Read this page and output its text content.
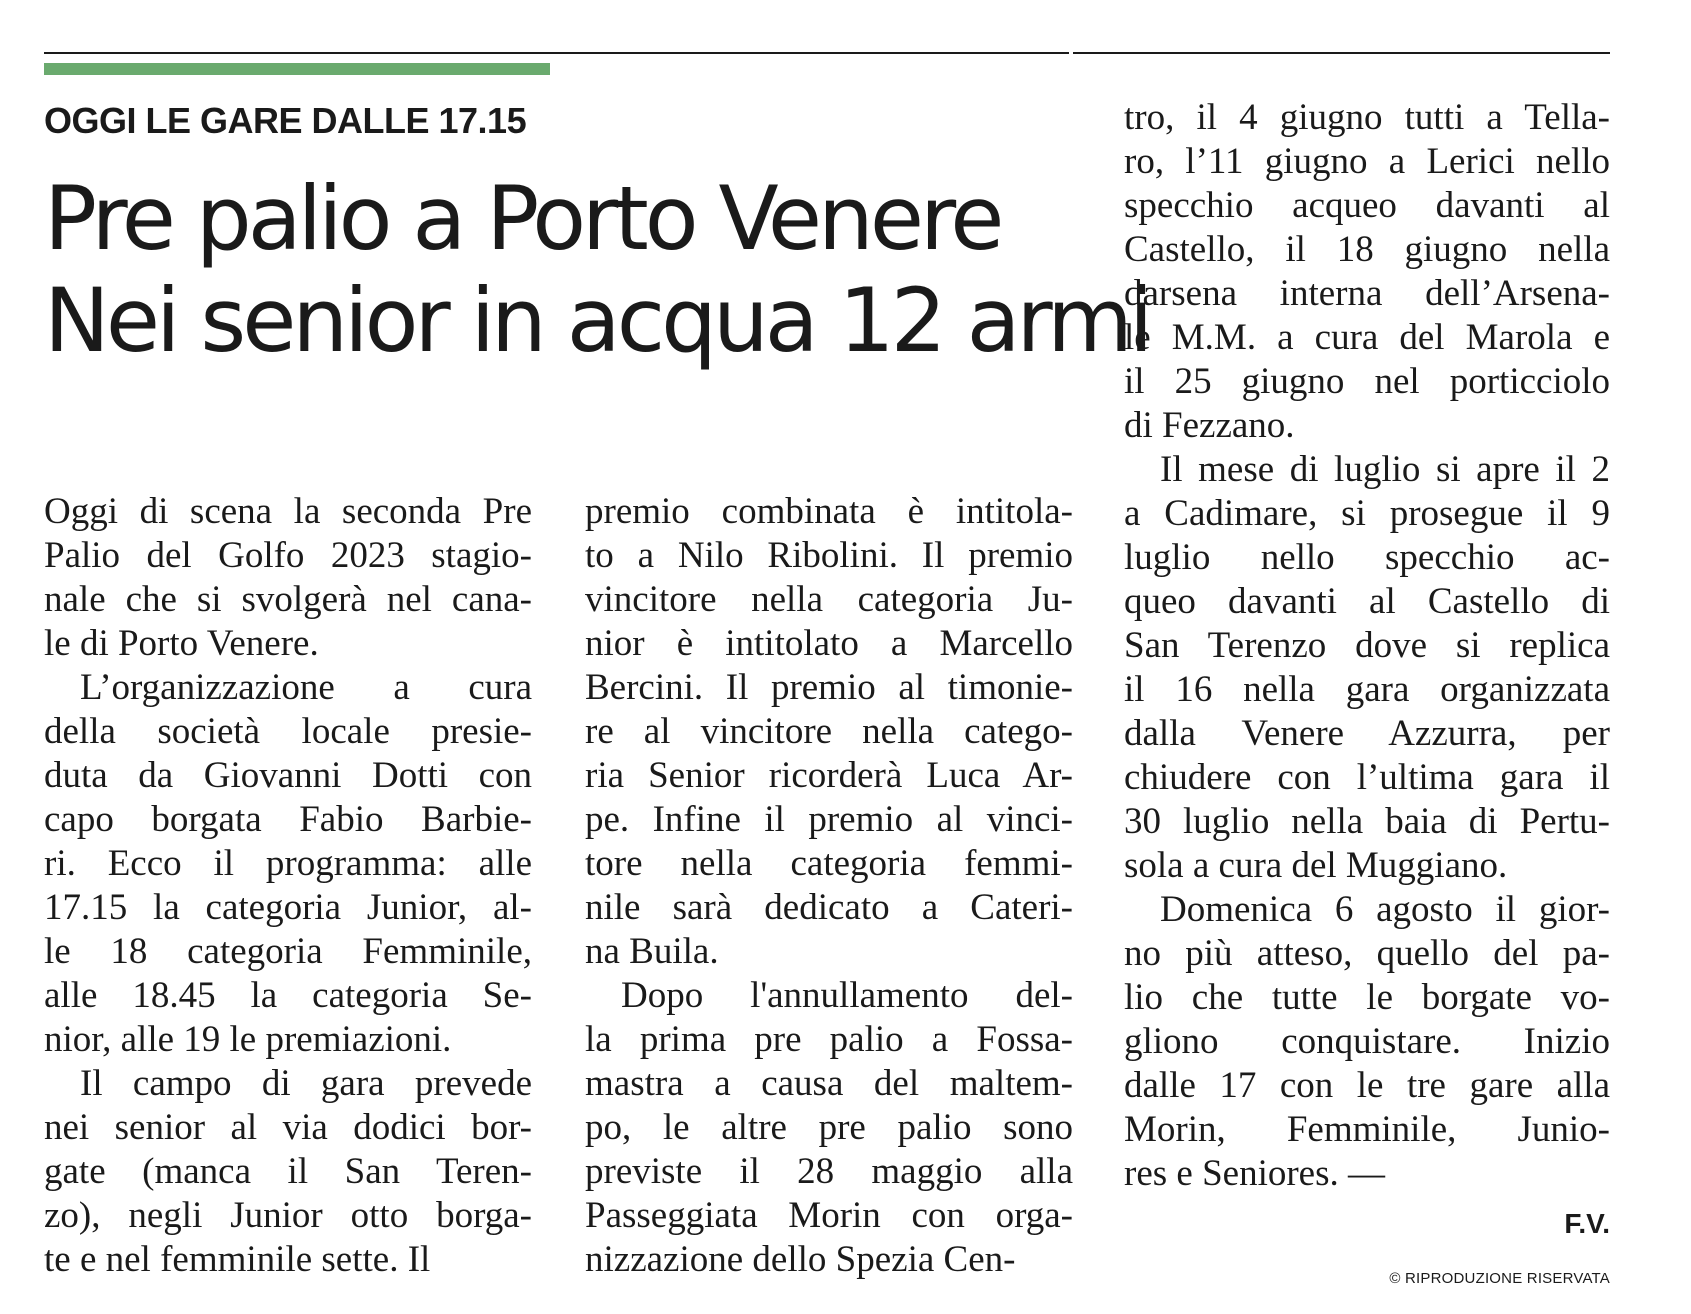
OGGI LE GARE DALLE 17.15
Pre palio a Porto Venere
Nei senior in acqua 12 armi

Oggi di scena la seconda Pre
Palio del Golfo 2023 stagio-
nale che si svolgerà nel cana-
le di Porto Venere.

L’organizzazione a cura
della società locale presie-
duta da Giovanni Dotti con
capo borgata Fabio Barbie-
ri. Ecco il programma: alle
17.15 la categoria Junior, al-
le 18 categoria Femminile,
alle 18.45 la categoria Se-
nior, alle 19 le premiazioni.

Il campo di gara prevede
nei senior al via dodici bor-
gate (manca il San Teren-
zo), negli Junior otto borga-
te e nel femminile sette. Il

premio combinata è intitola-
to a Nilo Ribolini. Il premio
vincitore nella categoria Ju-
nior è intitolato a Marcello
Bercini. Il premio al timonie-
re al vincitore nella catego-
ria Senior ricorderà Luca Ar-
pe. Infine il premio al vinci-
tore nella categoria femmi-
nile sarà dedicato a Cateri-
na Buila.

Dopo l'annullamento del-
la prima pre palio a Fossa-
mastra a causa del maltem-
po, le altre pre palio sono
previste il 28 maggio alla
Passeggiata Morin con orga-
nizzazione dello Spezia Cen-

tro, il 4 giugno tutti a Tella-
ro, l’11 giugno a Lerici nello
specchio acqueo davanti al
Castello, il 18 giugno nella
darsena interna dell’Arsena-
le M.M. a cura del Marola e
il 25 giugno nel porticciolo
di Fezzano.

Il mese di luglio si apre il 2
a Cadimare, si prosegue il 9
luglio nello specchio ac-
queo davanti al Castello di
San Terenzo dove si replica
il 16 nella gara organizzata
dalla Venere Azzurra, per
chiudere con l’ultima gara il
30 luglio nella baia di Pertu-
sola a cura del Muggiano.

Domenica 6 agosto il gior-
no più atteso, quello del pa-
lio che tutte le borgate vo-
gliono conquistare. Inizio
dalle 17 con le tre gare alla
Morin, Femminile, Junio-
res e Seniores. —

F.V.
© RIPRODUZIONE RISERVATA
